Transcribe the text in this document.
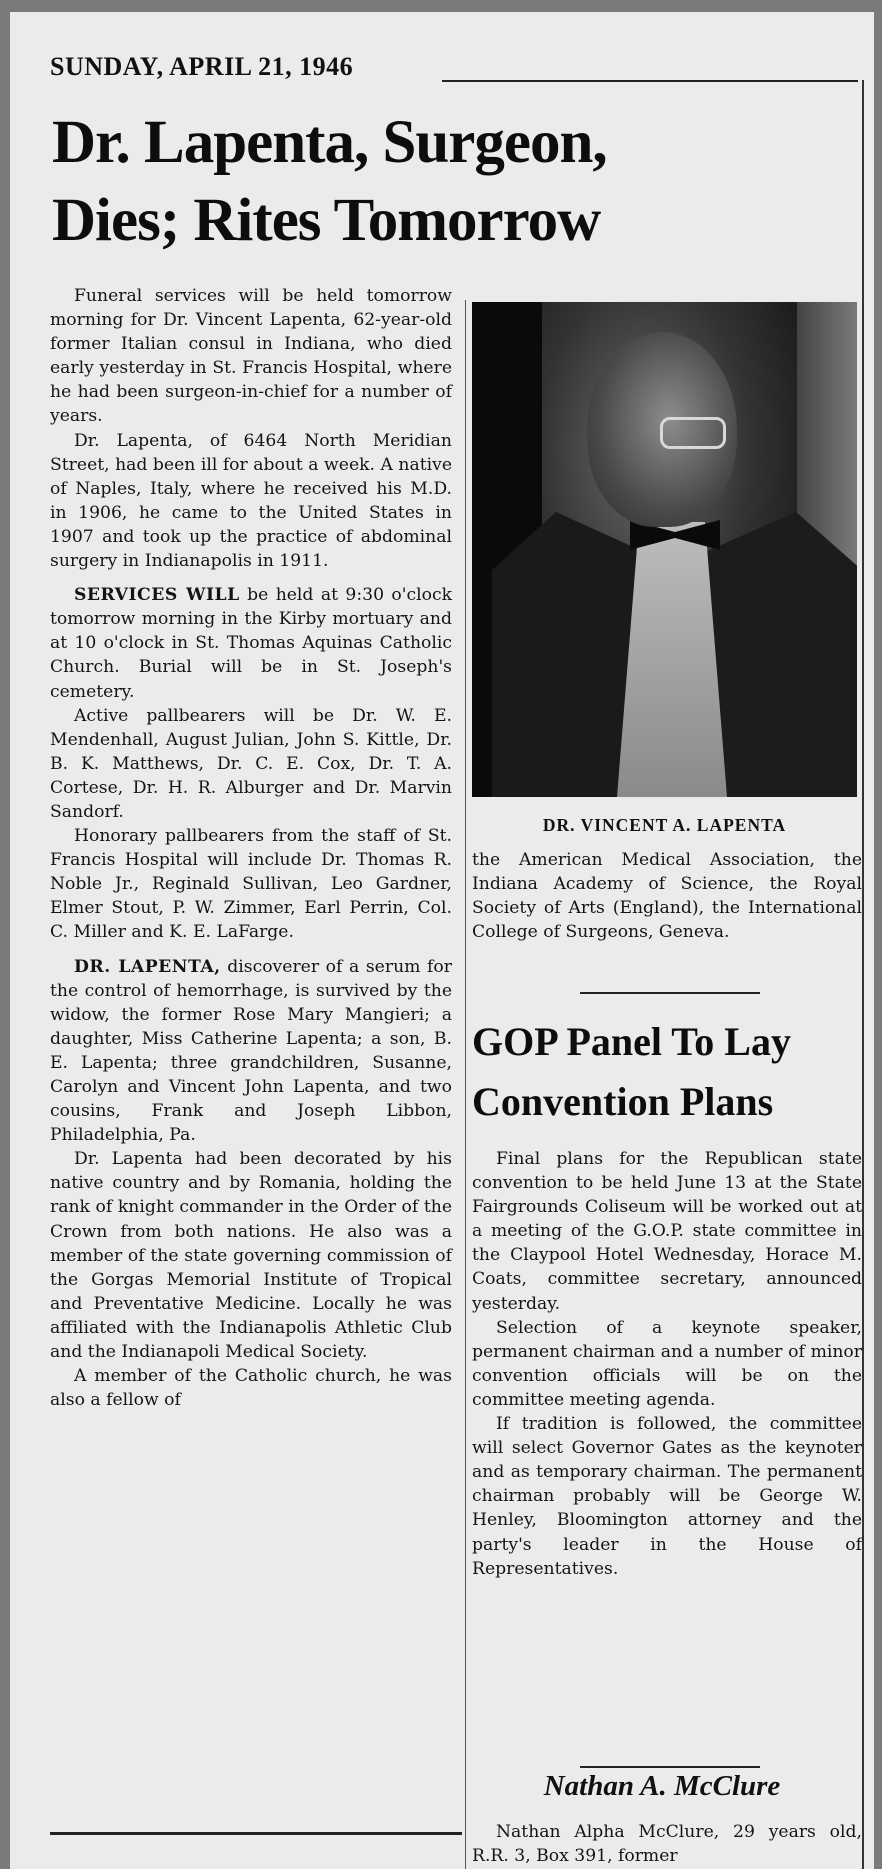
SUNDAY, APRIL 21, 1946
Dr. Lapenta, Surgeon,
Dies; Rites Tomorrow

Funeral services will be held tomorrow morning for Dr. Vincent Lapenta, 62-year-old former Italian consul in Indiana, who died early yesterday in St. Francis Hospital, where he had been surgeon-in-chief for a number of years.

Dr. Lapenta, of 6464 North Meridian Street, had been ill for about a week. A native of Naples, Italy, where he received his M.D. in 1906, he came to the United States in 1907 and took up the practice of abdominal surgery in Indianapolis in 1911.

SERVICES WILL be held at 9:30 o'clock tomorrow morning in the Kirby mortuary and at 10 o'clock in St. Thomas Aquinas Catholic Church. Burial will be in St. Joseph's cemetery.

Active pallbearers will be Dr. W. E. Mendenhall, August Julian, John S. Kittle, Dr. B. K. Matthews, Dr. C. E. Cox, Dr. T. A. Cortese, Dr. H. R. Alburger and Dr. Marvin Sandorf.

Honorary pallbearers from the staff of St. Francis Hospital will include Dr. Thomas R. Noble Jr., Reginald Sullivan, Leo Gardner, Elmer Stout, P. W. Zimmer, Earl Perrin, Col. C. Miller and K. E. LaFarge.

DR. LAPENTA, discoverer of a serum for the control of hemorrhage, is survived by the widow, the former Rose Mary Mangieri; a daughter, Miss Catherine Lapenta; a son, B. E. Lapenta; three grandchildren, Susanne, Carolyn and Vincent John Lapenta, and two cousins, Frank and Joseph Libbon, Philadelphia, Pa.

Dr. Lapenta had been decorated by his native country and by Romania, holding the rank of knight commander in the Order of the Crown from both nations. He also was a member of the state governing commission of the Gorgas Memorial Institute of Tropical and Preventative Medicine. Locally he was affiliated with the Indianapolis Athletic Club and the Indianapoli Medical Society.

A member of the Catholic church, he was also a fellow of

DR. VINCENT A. LAPENTA

the American Medical Association, the Indiana Academy of Science, the Royal Society of Arts (England), the International College of Surgeons, Geneva.

GOP Panel To Lay
Convention Plans

Final plans for the Republican state convention to be held June 13 at the State Fairgrounds Coliseum will be worked out at a meeting of the G.O.P. state committee in the Claypool Hotel Wednesday, Horace M. Coats, committee secretary, announced yesterday.

Selection of a keynote speaker, permanent chairman and a number of minor convention officials will be on the committee meeting agenda.

If tradition is followed, the committee will select Governor Gates as the keynoter and as temporary chairman. The permanent chairman probably will be George W. Henley, Bloomington attorney and the party's leader in the House of Representatives.

Nathan A. McClure

Nathan Alpha McClure, 29 years old, R.R. 3, Box 391, former
